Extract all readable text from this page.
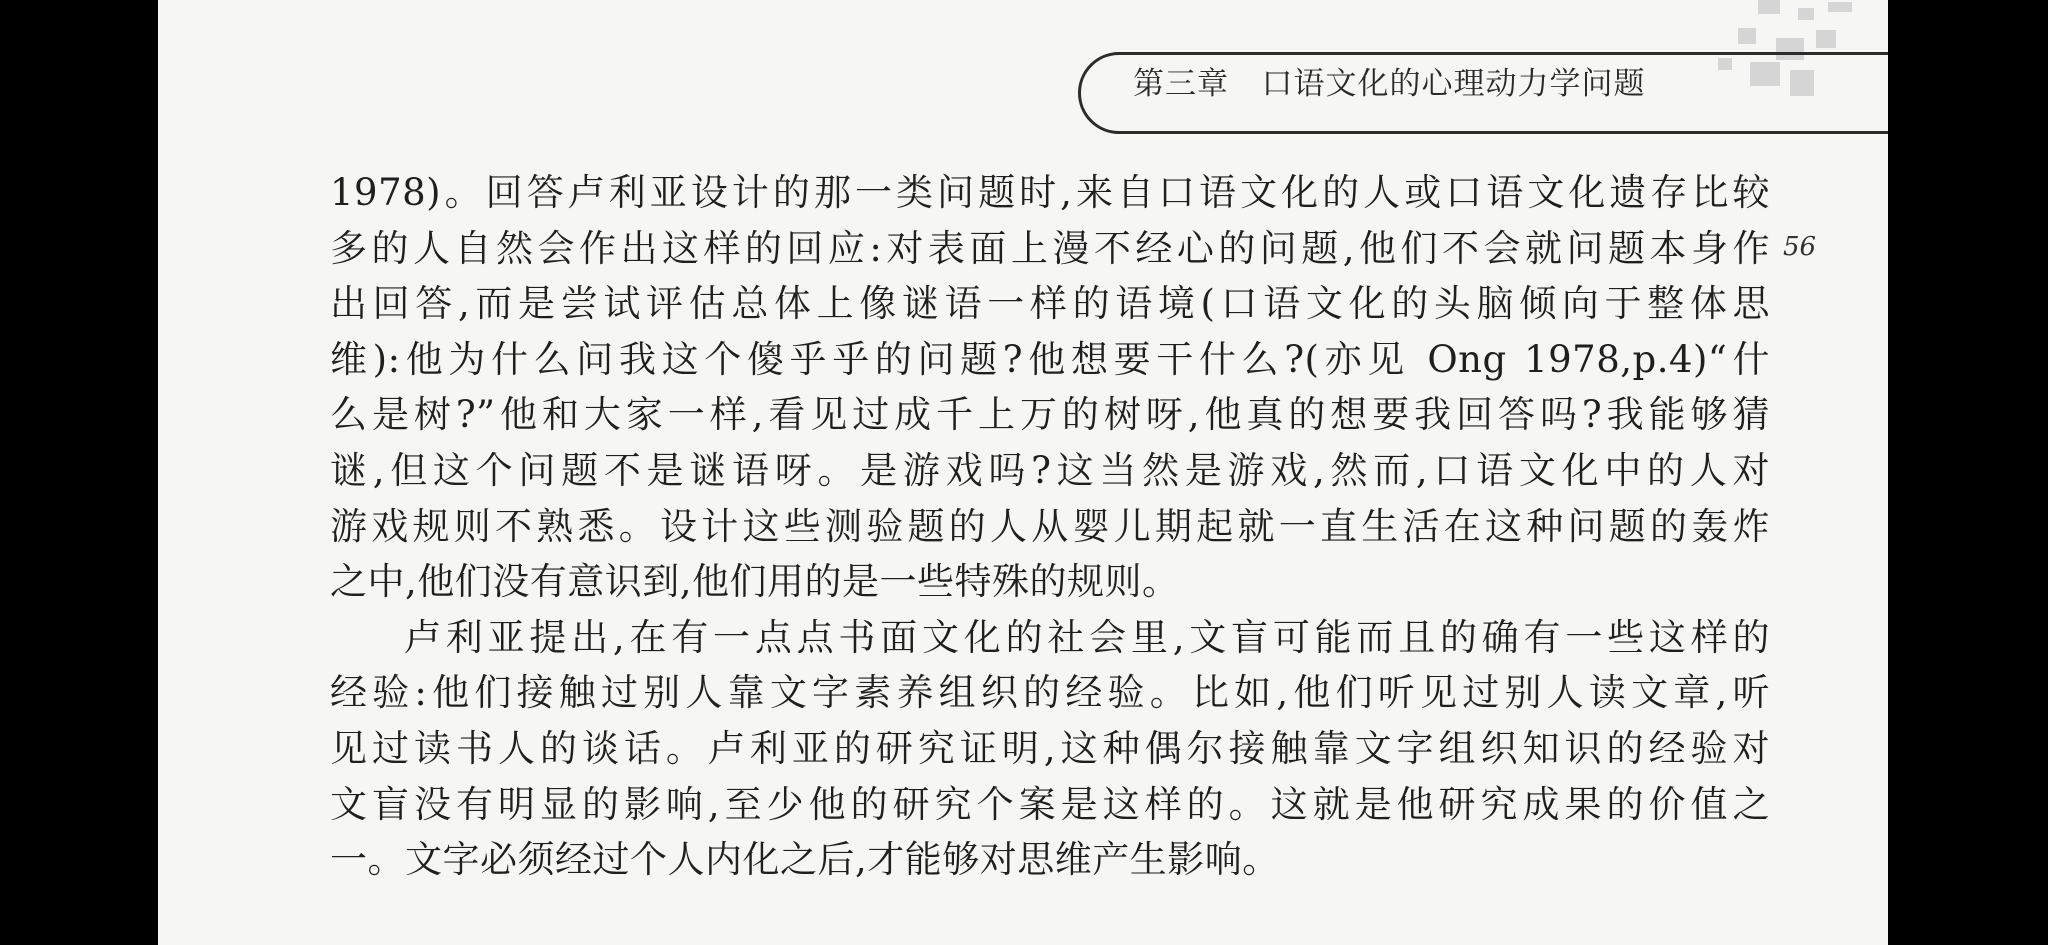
第三章   口语文化的心理动力学问题
56
1978)。回答卢利亚设计的那一类问题时,来自口语文化的人或口语文化遗存比较
多的人自然会作出这样的回应:对表面上漫不经心的问题,他们不会就问题本身作
出回答,而是尝试评估总体上像谜语一样的语境(口语文化的头脑倾向于整体思
维):他为什么问我这个傻乎乎的问题?他想要干什么?(亦见 Ong 1978,p.4)“什
么是树?”他和大家一样,看见过成千上万的树呀,他真的想要我回答吗?我能够猜
谜,但这个问题不是谜语呀。是游戏吗?这当然是游戏,然而,口语文化中的人对
游戏规则不熟悉。设计这些测验题的人从婴儿期起就一直生活在这种问题的轰炸
之中,他们没有意识到,他们用的是一些特殊的规则。
卢利亚提出,在有一点点书面文化的社会里,文盲可能而且的确有一些这样的
经验:他们接触过别人靠文字素养组织的经验。比如,他们听见过别人读文章,听
见过读书人的谈话。卢利亚的研究证明,这种偶尔接触靠文字组织知识的经验对
文盲没有明显的影响,至少他的研究个案是这样的。这就是他研究成果的价值之
一。文字必须经过个人内化之后,才能够对思维产生影响。
